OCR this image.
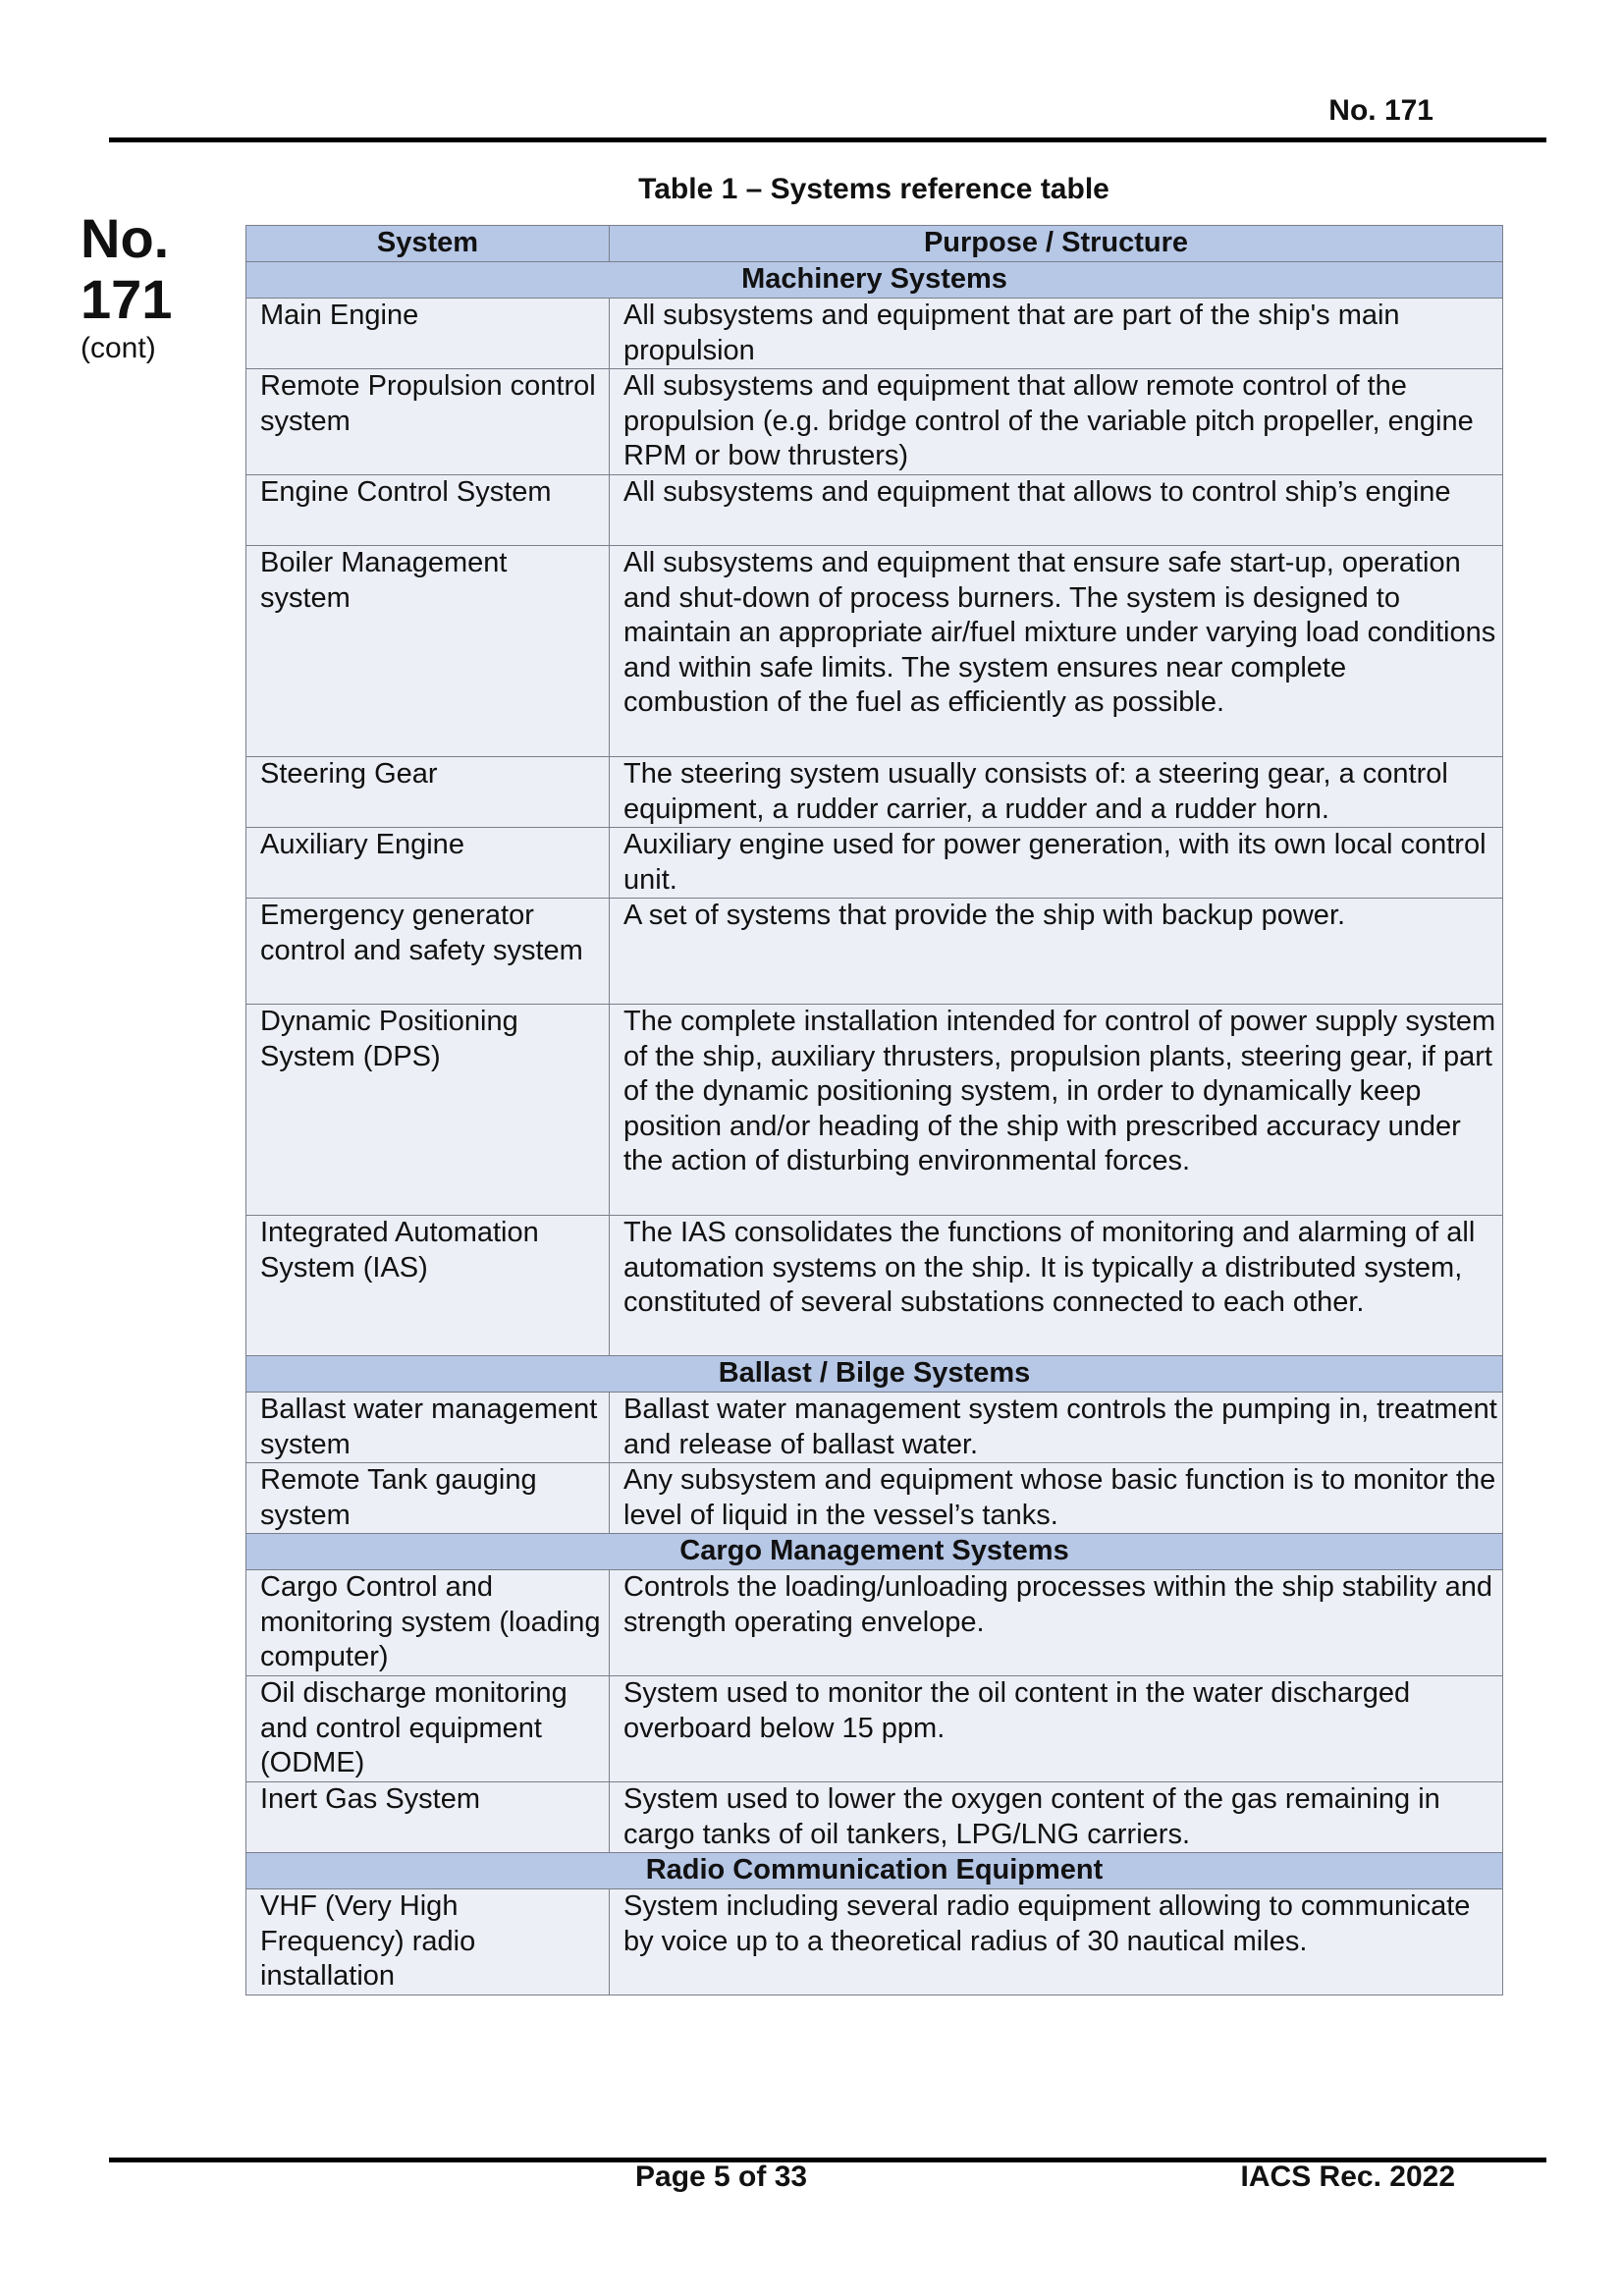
No. 171
No.
171
(cont)
Table 1 – Systems reference table
System	Purpose / Structure
Machinery Systems	
Main Engine	All subsystems and equipment that are part of the ship's main propulsion
Remote Propulsion control system	All subsystems and equipment that allow remote control of the propulsion (e.g. bridge control of the variable pitch propeller, engine RPM or bow thrusters)
Engine Control System	All subsystems and equipment that allows to control ship’s engine
Boiler Management system	All subsystems and equipment that ensure safe start-up, operation and shut-down of process burners. The system is designed to maintain an appropriate air/fuel mixture under varying load conditions and within safe limits. The system ensures near complete combustion of the fuel as efficiently as possible.
Steering Gear	The steering system usually consists of: a steering gear, a control equipment, a rudder carrier, a rudder and a rudder horn.
Auxiliary Engine	Auxiliary engine used for power generation, with its own local control unit.
Emergency generator control and safety system	A set of systems that provide the ship with backup power.
Dynamic Positioning System (DPS)	The complete installation intended for control of power supply system of the ship, auxiliary thrusters, propulsion plants, steering gear, if part of the dynamic positioning system, in order to dynamically keep position and/or heading of the ship with prescribed accuracy under the action of disturbing environmental forces.
Integrated Automation System (IAS)	The IAS consolidates the functions of monitoring and alarming of all automation systems on the ship. It is typically a distributed system, constituted of several substations connected to each other.
Ballast / Bilge Systems	
Ballast water management system	Ballast water management system controls the pumping in, treatment and release of ballast water.
Remote Tank gauging system	Any subsystem and equipment whose basic function is to monitor the level of liquid in the vessel’s tanks.
Cargo Management Systems	
Cargo Control and monitoring system (loading computer)	Controls the loading/unloading processes within the ship stability and strength operating envelope.
Oil discharge monitoring and control equipment (ODME)	System used to monitor the oil content in the water discharged overboard below 15 ppm.
Inert Gas System	System used to lower the oxygen content of the gas remaining in cargo tanks of oil tankers, LPG/LNG carriers.
Radio Communication Equipment	
VHF (Very High Frequency) radio installation	System including several radio equipment allowing to communicate by voice up to a theoretical radius of 30 nautical miles.
Page 5 of 33	IACS Rec. 2022
